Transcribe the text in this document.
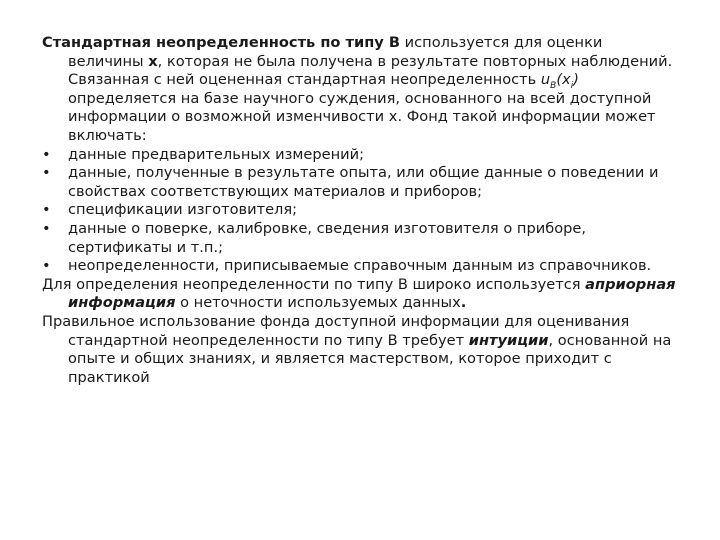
Стандартная неопределенность по типу В используется для оценки величины х, которая не была получена в результате повторных наблюдений. Связанная с ней оцененная стандартная неопределенность $u_B(x_i)$ определяется на базе научного суждения, основанного на всей доступной информации о возможной изменчивости х. Фонд такой информации может включать:

•	данные предварительных измерений;

•	данные, полученные в результате опыта, или общие данные о поведении и свойствах соответствующих материалов и приборов;

•	спецификации изготовителя;

•	данные о поверке, калибровке, сведения изготовителя о приборе, сертификаты и т.п.;

•	неопределенности, приписываемые справочным данным из справочников.

Для определения неопределенности по типу В широко используется априорная информация о неточности используемых данных.

Правильное использование фонда доступной информации для оценивания стандартной неопределенности по типу В требует интуиции, основанной на опыте и общих знаниях, и является мастерством, которое приходит с практикой
